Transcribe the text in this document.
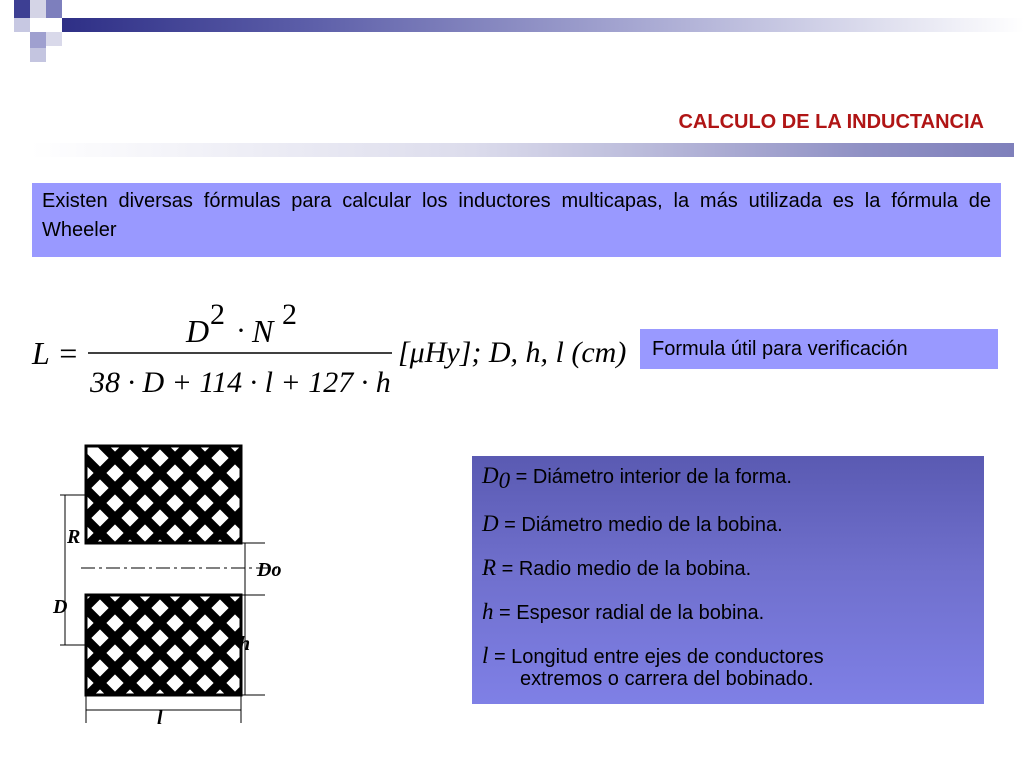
CALCULO DE LA INDUCTANCIA
Existen diversas fórmulas para calcular los inductores multicapas, la más utilizada es la fórmula de Wheeler
L =
D 2 · N 2
38 · D + 114 · l + 127 · h
[μHy]; D, h, l (cm)	Formula útil para verificación
R
D
Do
h
l
$D_0$ = Diámetro interior de la forma.
D = Diámetro medio de la bobina.
R = Radio medio de la bobina.
h = Espesor radial de la bobina.
l = Longitud entre ejes de conductores
extremos o carrera del bobinado.
